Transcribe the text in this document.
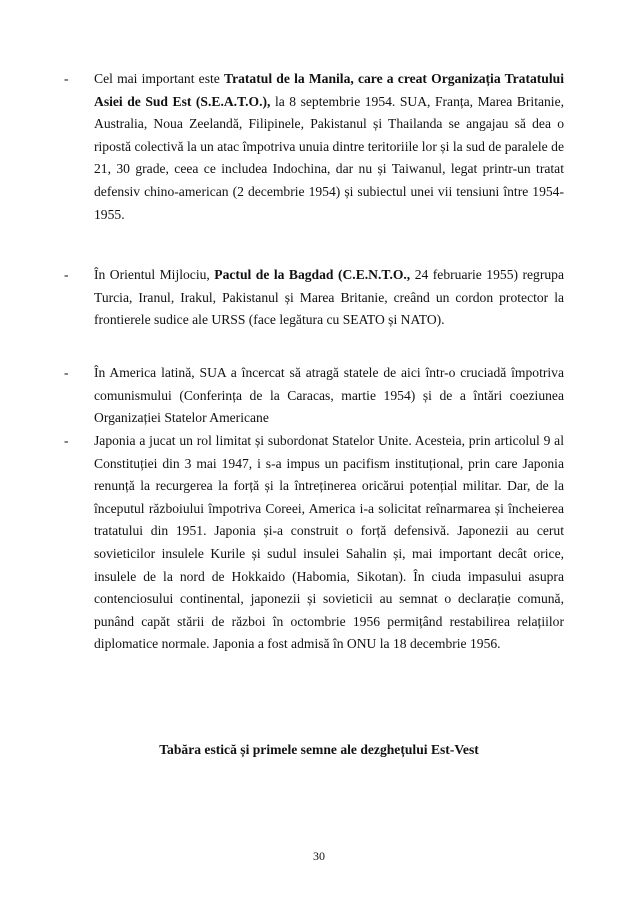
-	Cel mai important este Tratatul de la Manila, care a creat Organizația Tratatului Asiei de Sud Est (S.E.A.T.O.), la 8 septembrie 1954. SUA, Franța, Marea Britanie, Australia, Noua Zeelandă, Filipinele, Pakistanul și Thailanda se angajau să dea o ripostă colectivă la un atac împotriva unuia dintre teritoriile lor și la sud de paralele de 21, 30 grade, ceea ce includea Indochina, dar nu și Taiwanul, legat printr-un tratat defensiv chino-american (2 decembrie 1954) și subiectul unei vii tensiuni între 1954-1955.
-	În Orientul Mijlociu, Pactul de la Bagdad (C.E.N.T.O., 24 februarie 1955) regrupa Turcia, Iranul, Irakul, Pakistanul și Marea Britanie, creând un cordon protector la frontierele sudice ale URSS (face legătura cu SEATO și NATO).
-	În America latină, SUA a încercat să atragă statele de aici într-o cruciadă împotriva comunismului (Conferința de la Caracas, martie 1954) și de a întări coeziunea Organizației Statelor Americane
-	Japonia a jucat un rol limitat și subordonat Statelor Unite. Acesteia, prin articolul 9 al Constituției din 3 mai 1947, i s-a impus un pacifism instituțional, prin care Japonia renunță la recurgerea la forță și la întreținerea oricărui potențial militar. Dar, de la începutul războiului împotriva Coreei, America i-a solicitat reînarmarea și încheierea tratatului din 1951. Japonia și-a construit o forță defensivă. Japonezii au cerut sovieticilor insulele Kurile și sudul insulei Sahalin și, mai important decât orice, insulele de la nord de Hokkaido (Habomia, Sikotan). În ciuda impasului asupra contenciosului continental, japonezii și sovieticii au semnat o declarație comună, punând capăt stării de război în octombrie 1956 permițând restabilirea relațiilor diplomatice normale. Japonia a fost admisă în ONU la 18 decembrie 1956.
Tabăra estică și primele semne ale dezghețului Est-Vest
30
